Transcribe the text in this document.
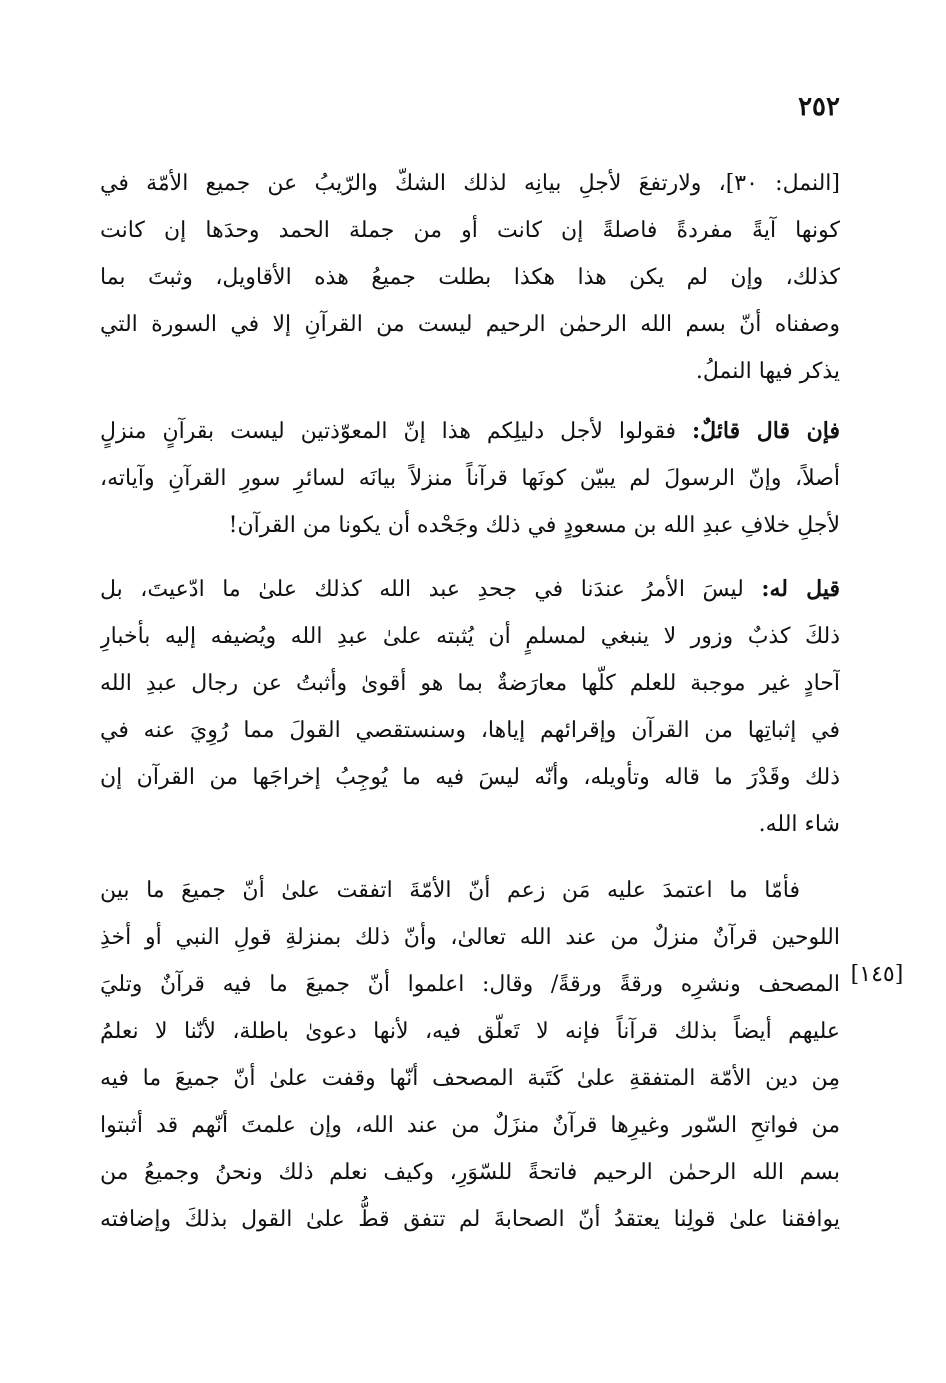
٢٥٢
[١٤٥]
[النمل: ٣٠]، ولارتفعَ لأجلِ بيانِه لذلك الشكّ والرّيبُ عن جميع الأمّة في
كونها آيةً مفردةً فاصلةً إن كانت أو من جملة الحمد وحدَها إن كانت
كذلك، وإن لم يكن هذا هكذا بطلت جميعُ هذه الأقاويل، وثبتَ بما
وصفناه أنّ بسم الله الرحمٰن الرحيم ليست من القرآنِ إلا في السورة التي
يذكر فيها النملُ.
فإن قال قائلٌ: فقولوا لأجل دليلِكم هذا إنّ المعوّذتين ليست بقرآنٍ منزلٍ
أصلاً، وإنّ الرسولَ لم يبيّن كونَها قرآناً منزلاً بيانَه لسائرِ سورِ القرآنِ وآياته،
لأجلِ خلافِ عبدِ الله بن مسعودٍ في ذلك وجَحْده أن يكونا من القرآن!
قيل له: ليسَ الأمرُ عندَنا في جحدِ عبد الله كذلك علىٰ ما ادّعيتَ، بل
ذلكَ كذبٌ وزور لا ينبغي لمسلمٍ أن يُثبته علىٰ عبدِ الله ويُضيفه إليه بأخبارِ
آحادٍ غير موجبة للعلم كلّها معارَضةٌ بما هو أقوىٰ وأثبتُ عن رجال عبدِ الله
في إثباتِها من القرآن وإقرائهم إياها، وسنستقصي القولَ مما رُوِيَ عنه في
ذلك وقَدْرَ ما قاله وتأويله، وأنّه ليسَ فيه ما يُوجِبُ إخراجَها من القرآن إن
شاء الله.
فأمّا ما اعتمدَ عليه مَن زعم أنّ الأمّةَ اتفقت علىٰ أنّ جميعَ ما بين
اللوحين قرآنٌ منزلٌ من عند الله تعالىٰ، وأنّ ذلك بمنزلةِ قولِ النبي أو أخذِ
المصحف ونشرِه ورقةً ورقةً/ وقال: اعلموا أنّ جميعَ ما فيه قرآنٌ وتليَ
عليهم أيضاً بذلك قرآناً فإنه لا تَعلّق فيه، لأنها دعوىٰ باطلة، لأنّنا لا نعلمُ
مِن دين الأمّة المتفقةِ علىٰ كَتَبة المصحف أنّها وقفت علىٰ أنّ جميعَ ما فيه
من فواتحِ السّور وغيرِها قرآنٌ منزَلٌ من عند الله، وإن علمتَ أنّهم قد أثبتوا
بسم الله الرحمٰن الرحيم فاتحةً للسّوَرِ، وكيف نعلم ذلك ونحنُ وجميعُ من
يوافقنا علىٰ قولِنا يعتقدُ أنّ الصحابةَ لم تتفق قطُّ علىٰ القول بذلكَ وإضافته
